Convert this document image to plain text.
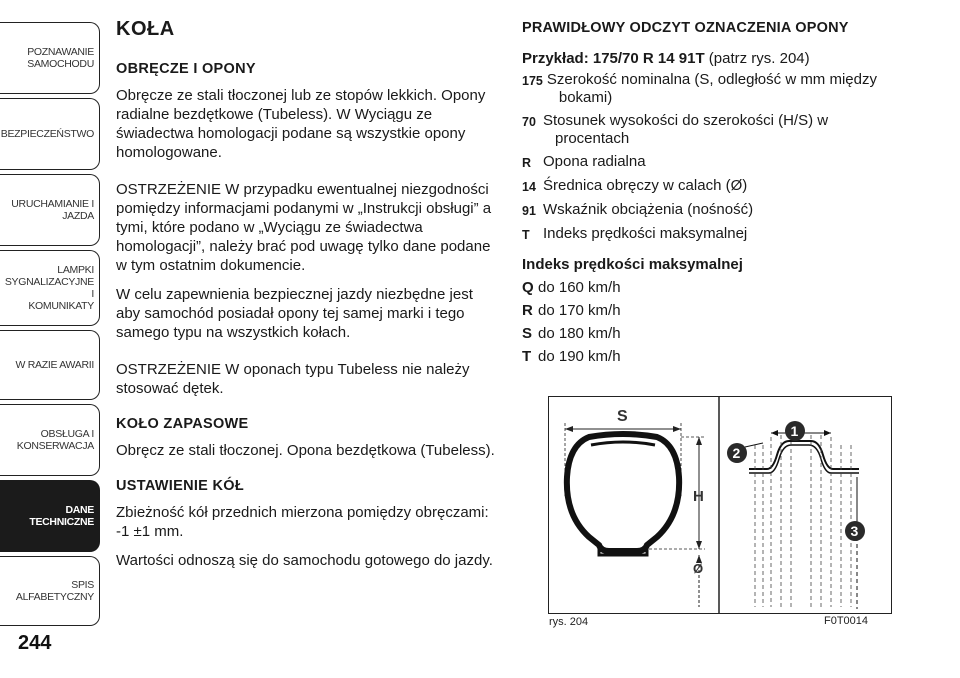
POZNAWANIE
SAMOCHODU
BEZPIECZEŃSTWO
URUCHAMIANIE I
JAZDA
LAMPKI
SYGNALIZACYJNE I
KOMUNIKATY
W RAZIE AWARII
OBSŁUGA I
KONSERWACJA
DANE
TECHNICZNE
SPIS ALFABETYCZNY
244
KOŁA
OBRĘCZE I OPONY

Obręcze ze stali tłoczonej lub ze stopów lekkich. Opony radialne bezdętkowe (Tubeless). W Wyciągu ze świadectwa homologacji podane są wszystkie opony homologowane.

OSTRZEŻENIE W przypadku ewentualnej niezgodności pomiędzy informacjami podanymi w „Instrukcji obsługi” a tymi, które podano w „Wyciągu ze świadectwa homologacji”, należy brać pod uwagę tylko dane podane w tym ostatnim dokumencie.

W celu zapewnienia bezpiecznej jazdy niezbędne jest aby samochód posiadał opony tej samej marki i tego samego typu na wszystkich kołach.

OSTRZEŻENIE W oponach typu Tubeless nie należy stosować dętek.

KOŁO ZAPASOWE

Obręcz ze stali tłoczonej. Opona bezdętkowa (Tubeless).

USTAWIENIE KÓŁ

Zbieżność kół przednich mierzona pomiędzy obręczami: -1 ±1 mm.

Wartości odnoszą się do samochodu gotowego do jazdy.

PRAWIDŁOWY ODCZYT OZNACZENIA OPONY
Przykład: 175/70 R 14 91T (patrz rys. 204)
175 Szerokość nominalna (S, odległość w mm między
bokami)
70 Stosunek wysokości do szerokości (H/S) w
procentach
R Opona radialna
14 Średnica obręczy w calach (Ø)
91 Wskaźnik obciążenia (nośność)
T Indeks prędkości maksymalnej
Indeks prędkości maksymalnej
Q do 160 km/h
R do 170 km/h
S do 180 km/h
T do 190 km/h
S
H
Ø
1
2
3
rys. 204	F0T0014
